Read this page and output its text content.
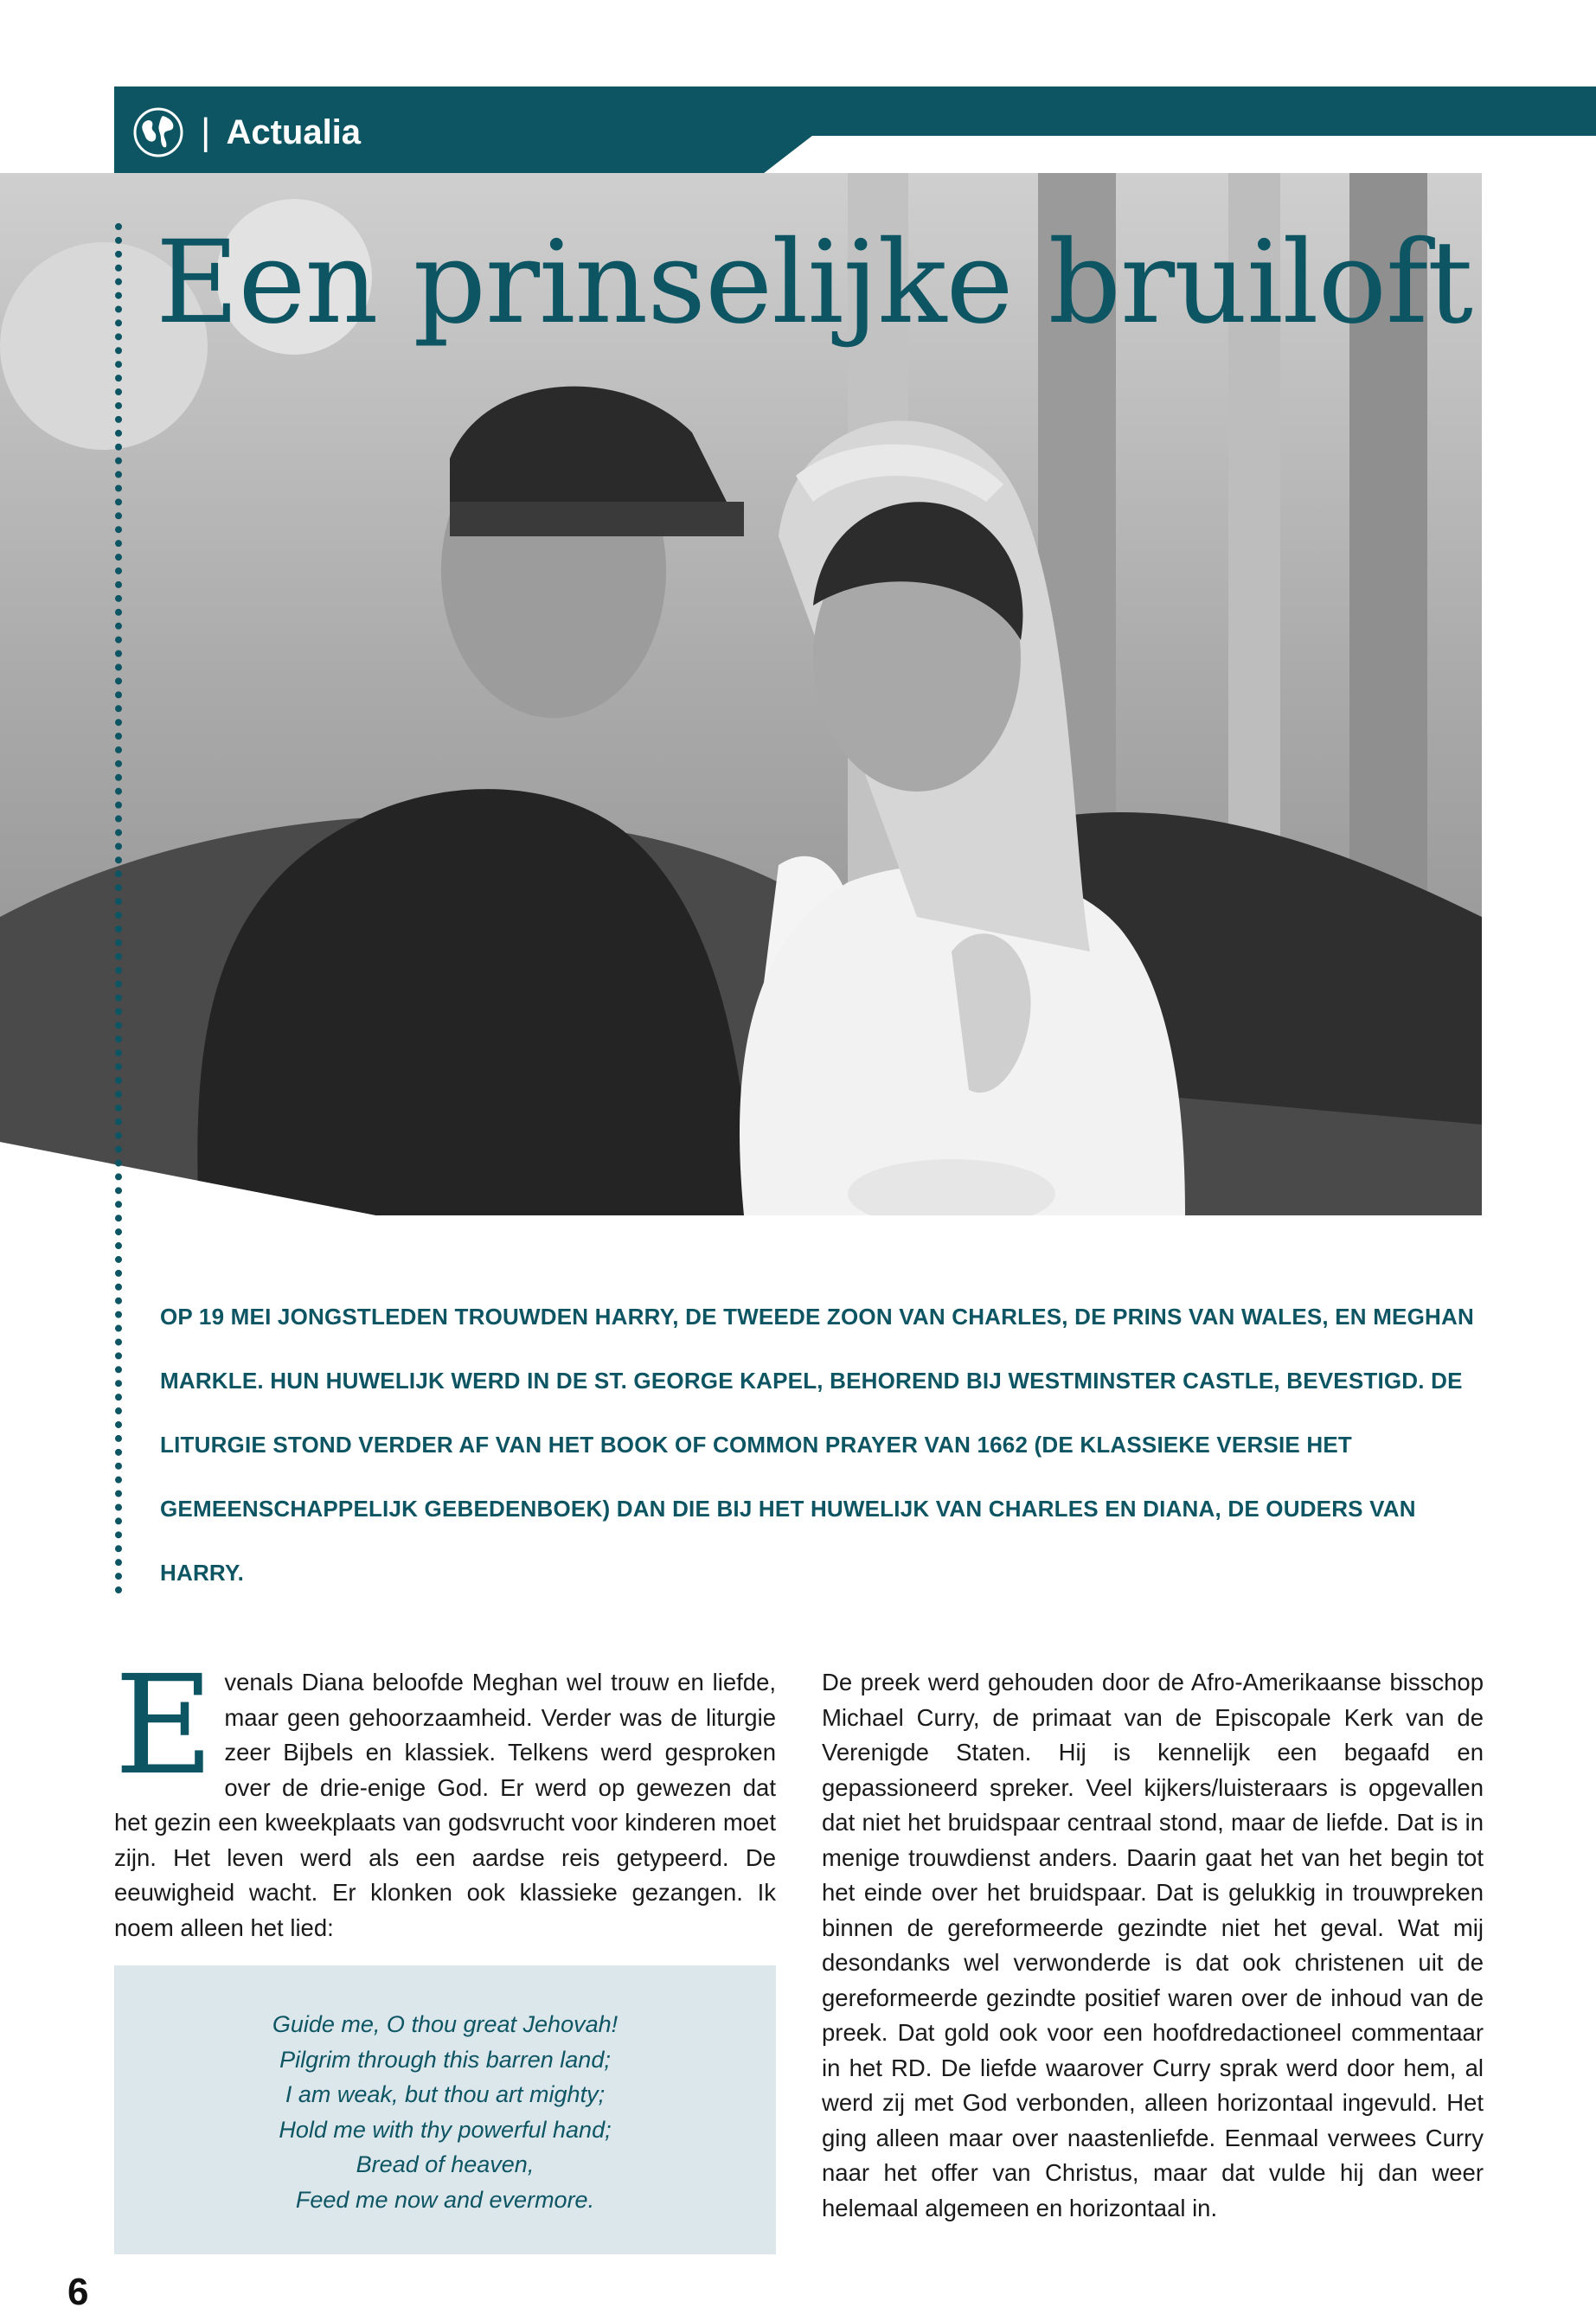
| Actualia
Een prinselijke bruiloft

OP 19 MEI JONGSTLEDEN TROUWDEN HARRY, DE TWEEDE ZOON VAN CHARLES, DE PRINS VAN WALES, EN MEGHAN MARKLE. HUN HUWELIJK WERD IN DE ST. GEORGE KAPEL, BEHOREND BIJ WESTMINSTER CASTLE, BEVESTIGD. DE LITURGIE STOND VERDER AF VAN HET BOOK OF COMMON PRAYER VAN 1662 (DE KLASSIEKE VERSIE HET GEMEENSCHAPPELIJK GEBEDENBOEK) DAN DIE BIJ HET HUWELIJK VAN CHARLES EN DIANA, DE OUDERS VAN HARRY.

Evenals Diana beloofde Meghan wel trouw en liefde, maar geen gehoorzaamheid. Verder was de liturgie zeer Bijbels en klassiek. Telkens werd gesproken over de drie-enige God. Er werd op gewezen dat het gezin een kweekplaats van godsvrucht voor kinderen moet zijn. Het leven werd als een aardse reis getypeerd. De eeuwigheid wacht. Er klonken ook klassieke gezangen. Ik noem alleen het lied:

Guide me, O thou great Jehovah!
Pilgrim through this barren land;
I am weak, but thou art mighty;
Hold me with thy powerful hand;
Bread of heaven,
Feed me now and evermore.

De preek werd gehouden door de Afro-Amerikaanse bisschop Michael Curry, de primaat van de Episcopale Kerk van de Verenigde Staten. Hij is kennelijk een begaafd en gepassioneerd spreker. Veel kijkers/luisteraars is opgevallen dat niet het bruidspaar centraal stond, maar de liefde. Dat is in menige trouwdienst anders. Daarin gaat het van het begin tot het einde over het bruidspaar. Dat is gelukkig in trouwpreken binnen de gereformeerde gezindte niet het geval. Wat mij desondanks wel verwonderde is dat ook christenen uit de gereformeerde gezindte positief waren over de inhoud van de preek. Dat gold ook voor een hoofdredactioneel commentaar in het RD. De liefde waarover Curry sprak werd door hem, al werd zij met God verbonden, alleen horizontaal ingevuld. Het ging alleen maar over naastenliefde. Eenmaal verwees Curry naar het offer van Christus, maar dat vulde hij dan weer helemaal algemeen en horizontaal in.

6
